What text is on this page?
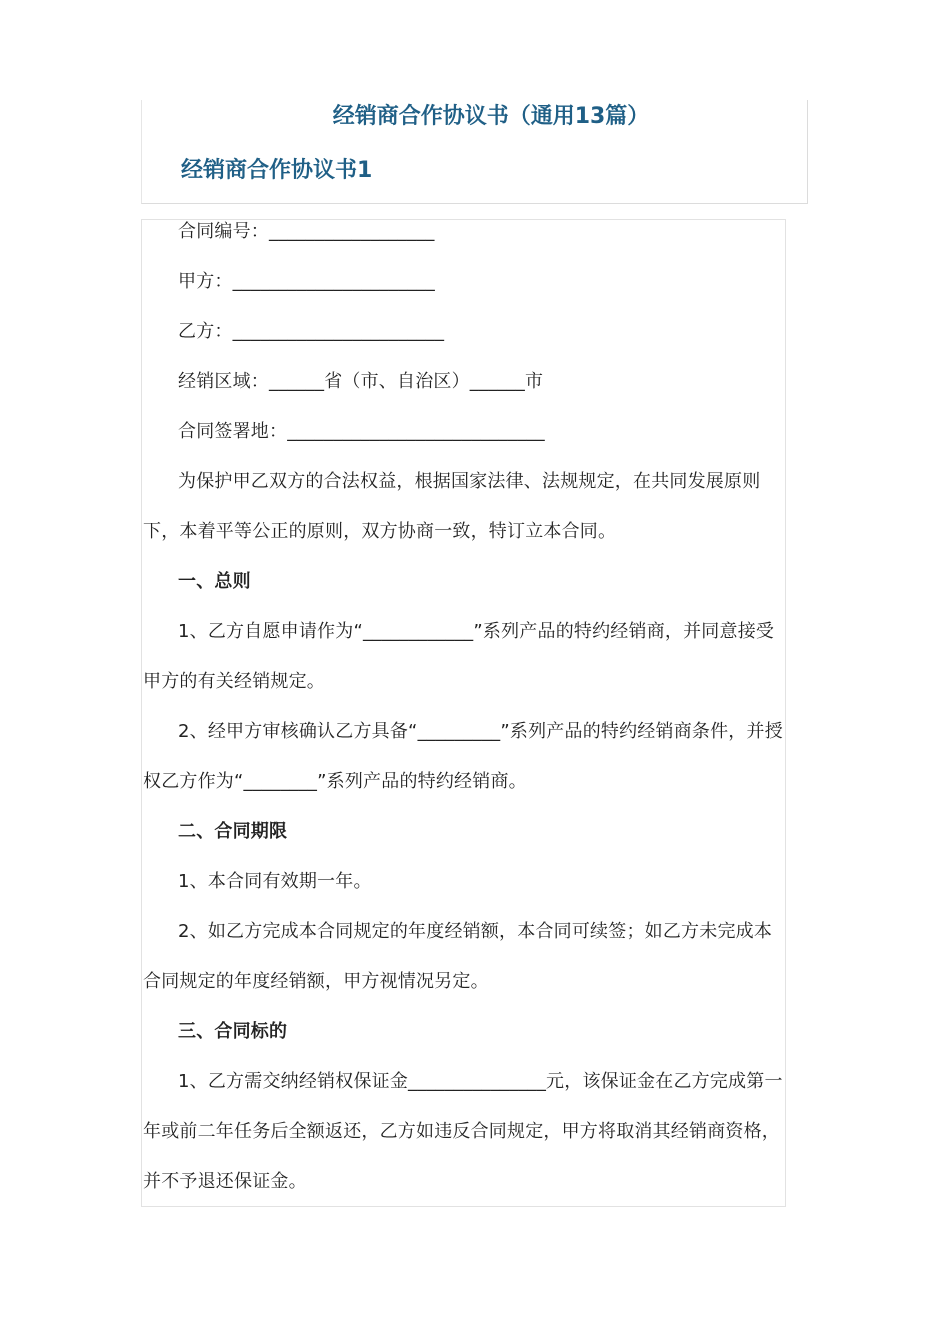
经销商合作协议书（通用13篇）
经销商合作协议书1

合同编号：__________________

甲方：______________________

乙方：_______________________

经销区域：______省（市、自治区）______市

合同签署地：____________________________

为保护甲乙双方的合法权益，根据国家法律、法规规定，在共同发展原则下，本着平等公正的原则，双方协商一致，特订立本合同。

一、总则

1、乙方自愿申请作为“____________”系列产品的特约经销商，并同意接受甲方的有关经销规定。

2、经甲方审核确认乙方具备“_________”系列产品的特约经销商条件，并授权乙方作为“________”系列产品的特约经销商。

二、合同期限

1、本合同有效期一年。

2、如乙方完成本合同规定的年度经销额，本合同可续签；如乙方未完成本合同规定的年度经销额，甲方视情况另定。

三、合同标的

1、乙方需交纳经销权保证金_______________元，该保证金在乙方完成第一年或前二年任务后全额返还，乙方如违反合同规定，甲方将取消其经销商资格，并不予退还保证金。
